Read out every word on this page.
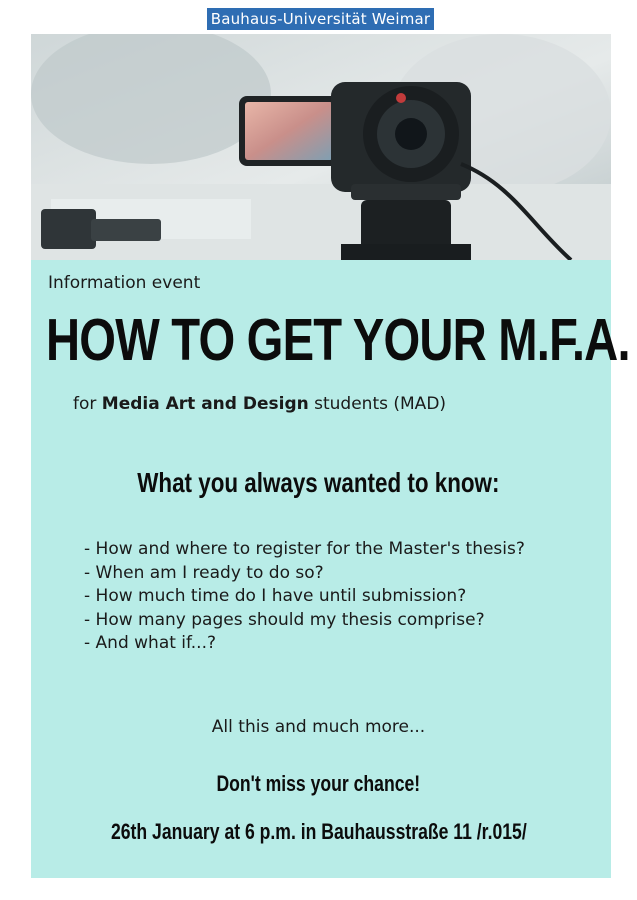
Bauhaus-Universität Weimar
Information event
HOW TO GET YOUR M.F.A.
for Media Art and Design students (MAD)
What you always wanted to know:
- How and where to register for the Master's thesis?
- When am I ready to do so?
- How much time do I have until submission?
- How many pages should my thesis comprise?
- And what if...?
All this and much more...
Don't miss your chance!
26th January at 6 p.m. in Bauhausstraße 11 /r.015/
